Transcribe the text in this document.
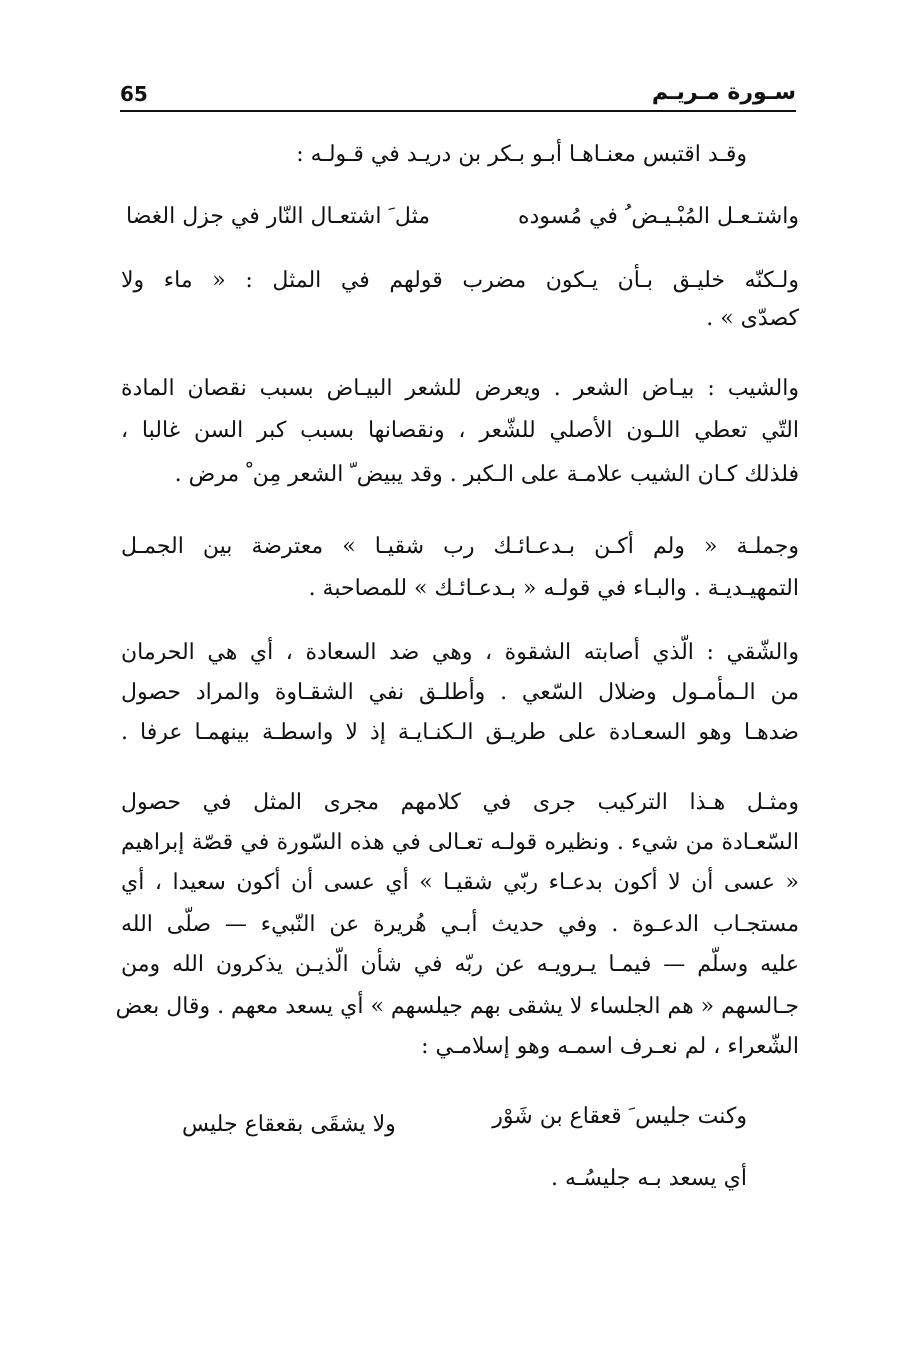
سـورة مـريـم
65
وقـد اقتبس معنـاهـا أبـو بـكر بن دريـد في قـولـه :
واشتـعـل المُبْـيـض ُ في مُسوده
مثل َ اشتعـال النّار في جزل الغضا
ولـكنّه خليـق بـأن يـكون مضرب قولهم في المثل : « ماء ولا
كصدّى » .
والشيب : بيـاض الشعر . ويعرض للشعر البيـاض بسبب نقصان المادة
التّي تعطي اللـون الأصلي للشّعر ، ونقصانها بسبب كبر السن غالبا ،
فلذلك كـان الشيب علامـة على الـكبر . وقد يبيض ّ الشعر مِن ْ مرض .
وجملـة « ولم أكـن بـدعـائـك رب شقيـا » معترضة بين الجمـل
التمهيـديـة . والبـاء في قولـه « بـدعـائـك » للمصاحبة .
والشّقي : الّذي أصابته الشقوة ، وهي ضد السعادة ، أي هي الحرمان
من الـمأمـول وضلال السّعي . وأطلـق نفي الشقـاوة والمراد حصول
ضدهـا وهو السعـادة على طريـق الـكنـايـة إذ لا واسطـة بينهمـا عرفا .
ومثـل هـذا التركيب جرى في كلامهم مجرى المثل في حصول
السّعـادة من شيء . ونظيره قولـه تعـالى في هذه السّورة في قصّة إبراهيم
« عسى أن لا أكون بدعـاء ربّي شقيـا » أي عسى أن أكون سعيدا ، أي
مستجـاب الدعـوة . وفي حديث أبـي هُريرة عن النّبيء — صلّى الله
عليه وسلّم — فيمـا يـرويـه عن ربّه في شأن الّذيـن يذكرون الله ومن
جـالسهم « هم الجلساء لا يشقى بهم جيلسهم » أي يسعد معهم . وقال بعض
الشّعراء ، لم نعـرف اسمـه وهو إسلامـي :
وكنت جليس َ قعقاع بن شَوْر
ولا يشقَى بقعقاع جليس
أي يسعد بـه جليسُـه .
